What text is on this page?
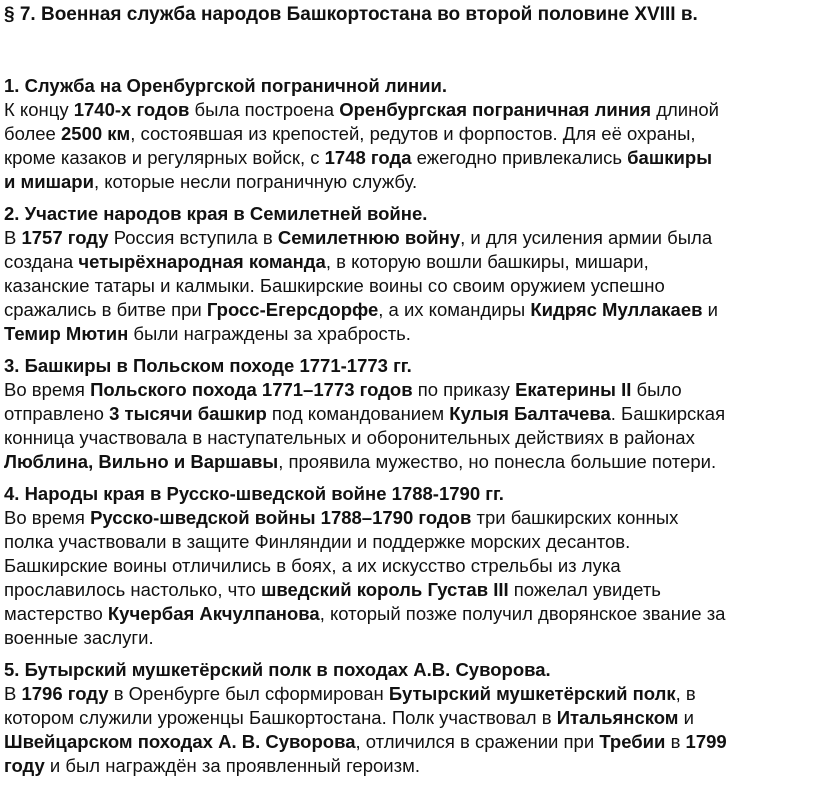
§ 7. Военная служба народов Башкортостана во второй половине XVIII в.
1. Служба на Оренбургской пограничной линии.
К концу 1740-х годов была построена Оренбургская пограничная линия длиной
более 2500 км, состоявшая из крепостей, редутов и форпостов. Для её охраны,
кроме казаков и регулярных войск, с 1748 года ежегодно привлекались башкиры
и мишари, которые несли пограничную службу.
2. Участие народов края в Семилетней войне.
В 1757 году Россия вступила в Семилетнюю войну, и для усиления армии была
создана четырёхнародная команда, в которую вошли башкиры, мишари,
казанские татары и калмыки. Башкирские воины со своим оружием успешно
сражались в битве при Гросс-Егерсдорфе, а их командиры Кидряс Муллакаев и
Темир Мютин были награждены за храбрость.
3. Башкиры в Польском походе 1771-1773 гг.
Во время Польского похода 1771–1773 годов по приказу Екатерины II было
отправлено 3 тысячи башкир под командованием Кулыя Балтачева. Башкирская
конница участвовала в наступательных и оборонительных действиях в районах
Люблина, Вильно и Варшавы, проявила мужество, но понесла большие потери.
4. Народы края в Русско-шведской войне 1788-1790 гг.
Во время Русско-шведской войны 1788–1790 годов три башкирских конных
полка участвовали в защите Финляндии и поддержке морских десантов.
Башкирские воины отличились в боях, а их искусство стрельбы из лука
прославилось настолько, что шведский король Густав III пожелал увидеть
мастерство Кучербая Акчулпанова, который позже получил дворянское звание за
военные заслуги.
5. Бутырский мушкетёрский полк в походах А.В. Суворова.
В 1796 году в Оренбурге был сформирован Бутырский мушкетёрский полк, в
котором служили уроженцы Башкортостана. Полк участвовал в Итальянском и
Швейцарском походах А. В. Суворова, отличился в сражении при Требии в 1799
году и был награждён за проявленный героизм.
